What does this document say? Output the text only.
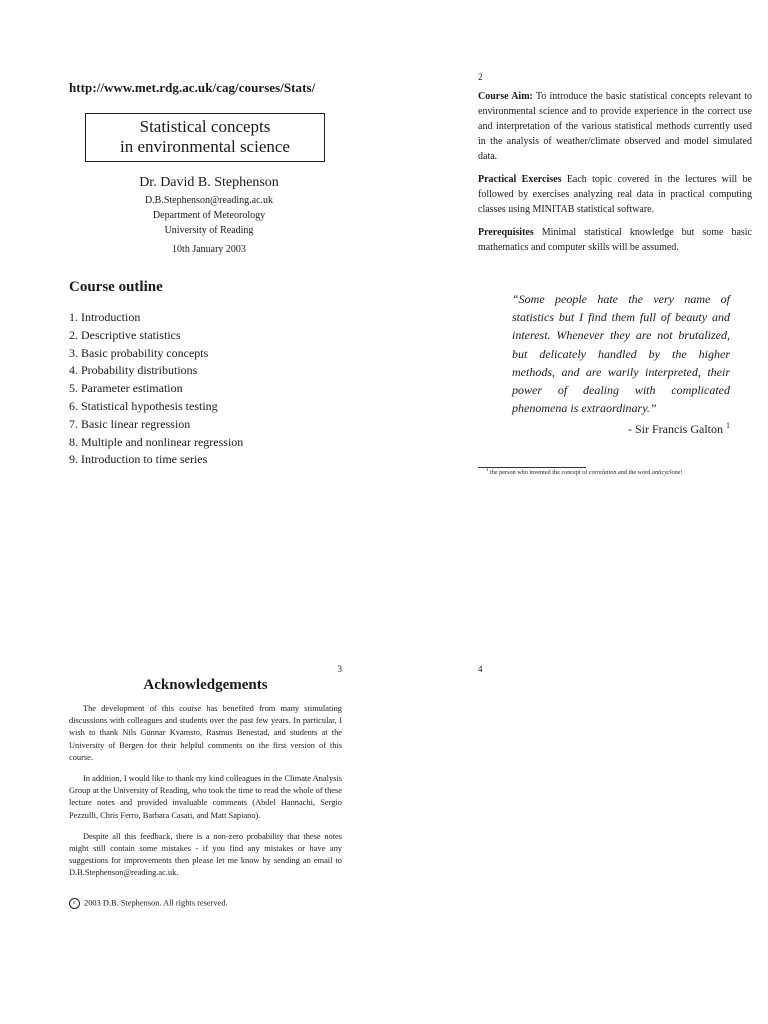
http://www.met.rdg.ac.uk/cag/courses/Stats/
Statistical concepts
in environmental science
Dr. David B. Stephenson
D.B.Stephenson@reading.ac.uk
Department of Meteorology
University of Reading
10th January 2003
Course outline
1. Introduction
2. Descriptive statistics
3. Basic probability concepts
4. Probability distributions
5. Parameter estimation
6. Statistical hypothesis testing
7. Basic linear regression
8. Multiple and nonlinear regression
9. Introduction to time series
2

Course Aim: To introduce the basic statistical concepts relevant to environmental science and to provide experience in the correct use and interpretation of the various statistical methods currently used in the analysis of weather/climate observed and model simulated data.

Practical Exercises Each topic covered in the lectures will be followed by exercises analyzing real data in practical computing classes using MINITAB statistical software.

Prerequisites Minimal statistical knowledge but some basic mathematics and computer skills will be assumed.

“Some people hate the very name of statistics but I find them full of beauty and interest. Whenever they are not brutalized, but delicately handled by the higher methods, and are warily interpreted, their power of dealing with complicated phenomena is extraordinary.”
- Sir Francis Galton $^1$
$^1$ the person who invented the concept of correlation and the word anticyclone!
3
Acknowledgements

The development of this course has benefited from many stimulating discussions with colleagues and students over the past few years. In particular, I wish to thank Nils Gunnar Kvamsto, Rasmus Benestad, and students at the University of Bergen for their helpful comments on the first version of this course.

In addition, I would like to thank my kind colleagues in the Climate Analysis Group at the University of Reading, who took the time to read the whole of these lecture notes and provided invaluable comments (Abdel Hannachi, Sergio Pezzulli, Chris Ferro, Barbara Casati, and Matt Sapiano).

Despite all this feedback, there is a non-zero probability that these notes might still contain some mistakes - if you find any mistakes or have any suggestions for improvements then please let me know by sending an email to D.B.Stephenson@reading.ac.uk.

c 2003 D.B. Stephenson. All rights reserved.
4
